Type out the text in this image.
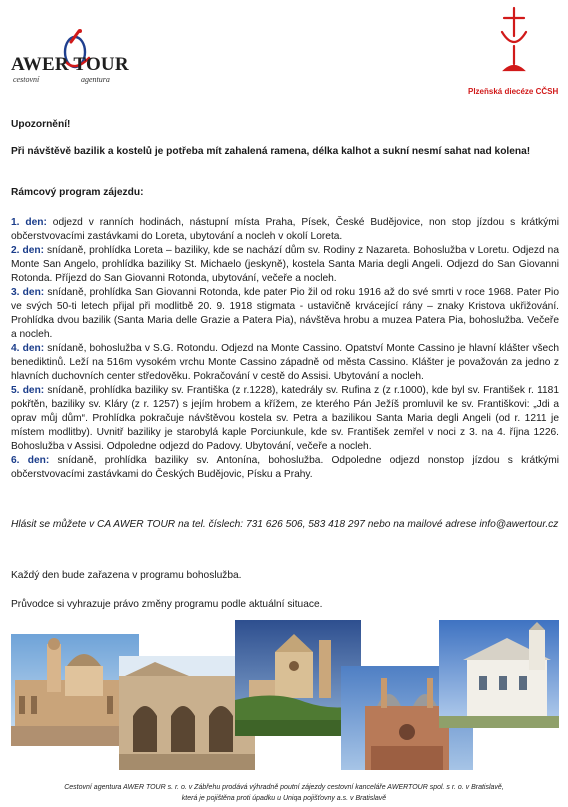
AWER TOUR
cestovní	agentura
Plzeňská diecéze CČSH
Upozornění!
Při návštěvě bazilik a kostelů je potřeba mít zahalená ramena, délka kalhot a sukní nesmí sahat nad kolena!
Rámcový program zájezdu:

1. den: odjezd v ranních hodinách, nástupní místa Praha, Písek, České Budějovice, non stop jízdou s krátkými občerstvovacími zastávkami do Loreta, ubytování a nocleh v okolí Loreta.

2. den: snídaně, prohlídka Loreta – baziliky, kde se nachází dům sv. Rodiny z Nazareta. Bohoslužba v Loretu. Odjezd na Monte San Angelo, prohlídka baziliky St. Michaelo (jeskyně), kostela Santa Maria degli Angeli. Odjezd do San Giovanni Rotonda. Příjezd do San Giovanni Rotonda, ubytování, večeře a nocleh.

3. den: snídaně, prohlídka San Giovanni Rotonda, kde pater Pio žil od roku 1916 až do své smrti v roce 1968. Pater Pio ve svých 50-ti letech přijal při modlitbě 20. 9. 1918 stigmata - ustavičně krvácející rány – znaky Kristova ukřižování. Prohlídka dvou bazilik (Santa Maria delle Grazie a Patera Pia), návštěva hrobu a muzea Patera Pia, bohoslužba. Večeře a nocleh.

4. den: snídaně, bohoslužba v S.G. Rotondu. Odjezd na Monte Cassino. Opatství Monte Cassino je hlavní klášter všech benediktinů. Leží na 516m vysokém vrchu Monte Cassino západně od města Cassino. Klášter je považován za jedno z hlavních duchovních center středověku. Pokračování v cestě do Assisi. Ubytování a nocleh.

5. den: snídaně, prohlídka baziliky sv. Františka (z r.1228), katedrály sv. Rufina z (z r.1000), kde byl sv. František r. 1181 pokřtěn, baziliky sv. Kláry (z r. 1257) s jejím hrobem a křížem, ze kterého Pán Ježíš promluvil ke sv. Františkovi: „Jdi a oprav můj dům“. Prohlídka pokračuje návštěvou kostela sv. Petra a bazilikou Santa Maria degli Angeli (od r. 1211 je místem modlitby). Uvnitř baziliky je starobylá kaple Porciunkule, kde sv. František zemřel v noci z 3. na 4. října 1226. Bohoslužba v Assisi. Odpoledne odjezd do Padovy. Ubytování, večeře a nocleh.

6. den: snídaně, prohlídka baziliky sv. Antonína, bohoslužba. Odpoledne odjezd nonstop jízdou s krátkými občerstvovacími zastávkami do Českých Budějovic, Písku a Prahy.

Hlásit se můžete v CA AWER TOUR na tel. číslech: 731 626 506, 583 418 297 nebo na mailové adrese info@awertour.cz
Každý den bude zařazena v programu bohoslužba.
Průvodce si vyhrazuje právo změny programu podle aktuální situace.
Cestovní agentura AWER TOUR s. r. o. v Zábřehu prodává výhradně poutní zájezdy cestovní kanceláře AWERTOUR spol. s r. o. v Bratislavě,
která je pojištěna proti úpadku u Uniqa pojišťovny a.s. v Bratislavě
